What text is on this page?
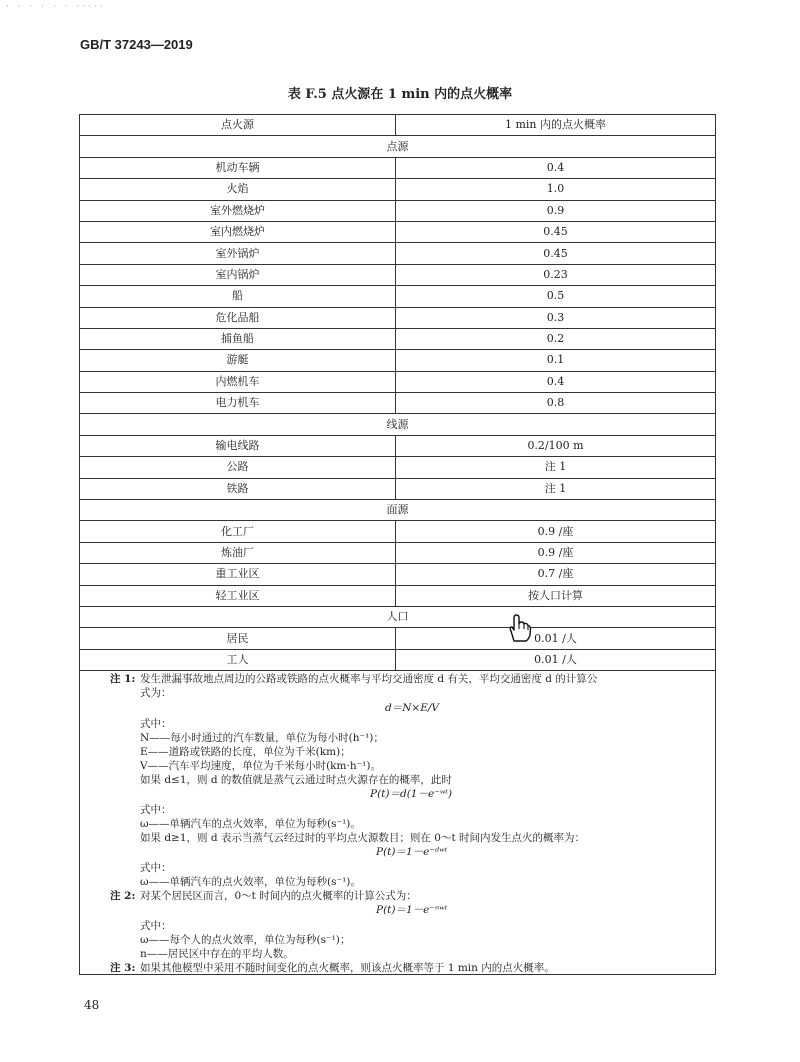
· · · · · · ·····
GB/T 37243—2019
表 F.5 点火源在 1 min 内的点火概率
点火源	1 min 内的点火概率
点源	
机动车辆	0.4
火焰	1.0
室外燃烧炉	0.9
室内燃烧炉	0.45
室外锅炉	0.45
室内锅炉	0.23
船	0.5
危化品船	0.3
捕鱼船	0.2
游艇	0.1
内燃机车	0.4
电力机车	0.8
线源	
输电线路	0.2/100 m
公路	注 1
铁路	注 1
面源	
化工厂	0.9 /座
炼油厂	0.9 /座
重工业区	0.7 /座
轻工业区	按人口计算
人口	
居民	0.01 /人
工人	0.01 /人
注 1: 发生泄漏事故地点周边的公路或铁路的点火概率与平均交通密度 d 有关，平均交通密度 d 的计算公
式为：
d＝N×E/V
式中：
N——每小时通过的汽车数量，单位为每小时(h⁻¹)；
E——道路或铁路的长度，单位为千米(km)；
V——汽车平均速度，单位为千米每小时(km·h⁻¹)。
如果 d≤1，则 d 的数值就是蒸气云通过时点火源存在的概率，此时
P(t)＝d(1－e⁻ʷᵗ)
式中：
ω——单辆汽车的点火效率，单位为每秒(s⁻¹)。
如果 d≥1，则 d 表示当蒸气云经过时的平均点火源数目；则在 0～t 时间内发生点火的概率为：
P(t)＝1－e⁻ᵈʷᵗ
式中：
ω——单辆汽车的点火效率，单位为每秒(s⁻¹)。
注 2: 对某个居民区而言，0～t 时间内的点火概率的计算公式为：
P(t)＝1－e⁻ⁿʷᵗ
式中：
ω——每个人的点火效率，单位为每秒(s⁻¹)；
n——居民区中存在的平均人数。
注 3: 如果其他模型中采用不随时间变化的点火概率，则该点火概率等于 1 min 内的点火概率。
48
